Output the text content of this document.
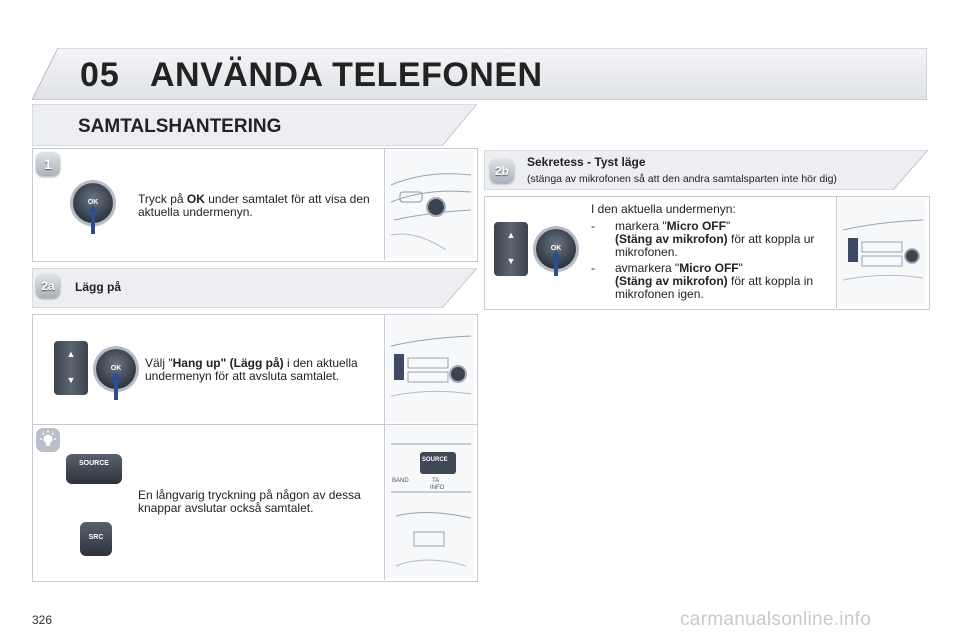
05 ANVÄNDA TELEFONEN
SAMTALSHANTERING
1
OK	Tryck på OK under samtalet för att visa den aktuella undermenyn.
2a	Lägg på
▲
▼
OK	Välj "Hang up" (Lägg på) i den aktuella undermenyn för att avsluta samtalet.
SOURCE
SRC
En långvarig tryckning på någon av dessa knappar avslutar också samtalet.
SOURCE
BAND	TA
INFO
2b
Sekretess - Tyst läge
(stänga av mikrofonen så att den andra samtalsparten inte hör dig)
▲
▼
OK
I den aktuella undermenyn:
- markera "Micro OFF"
(Stäng av mikrofon) för att koppla ur mikrofonen.
- avmarkera "Micro OFF"
(Stäng av mikrofon) för att koppla in mikrofonen igen.
326	carmanualsonline.info
